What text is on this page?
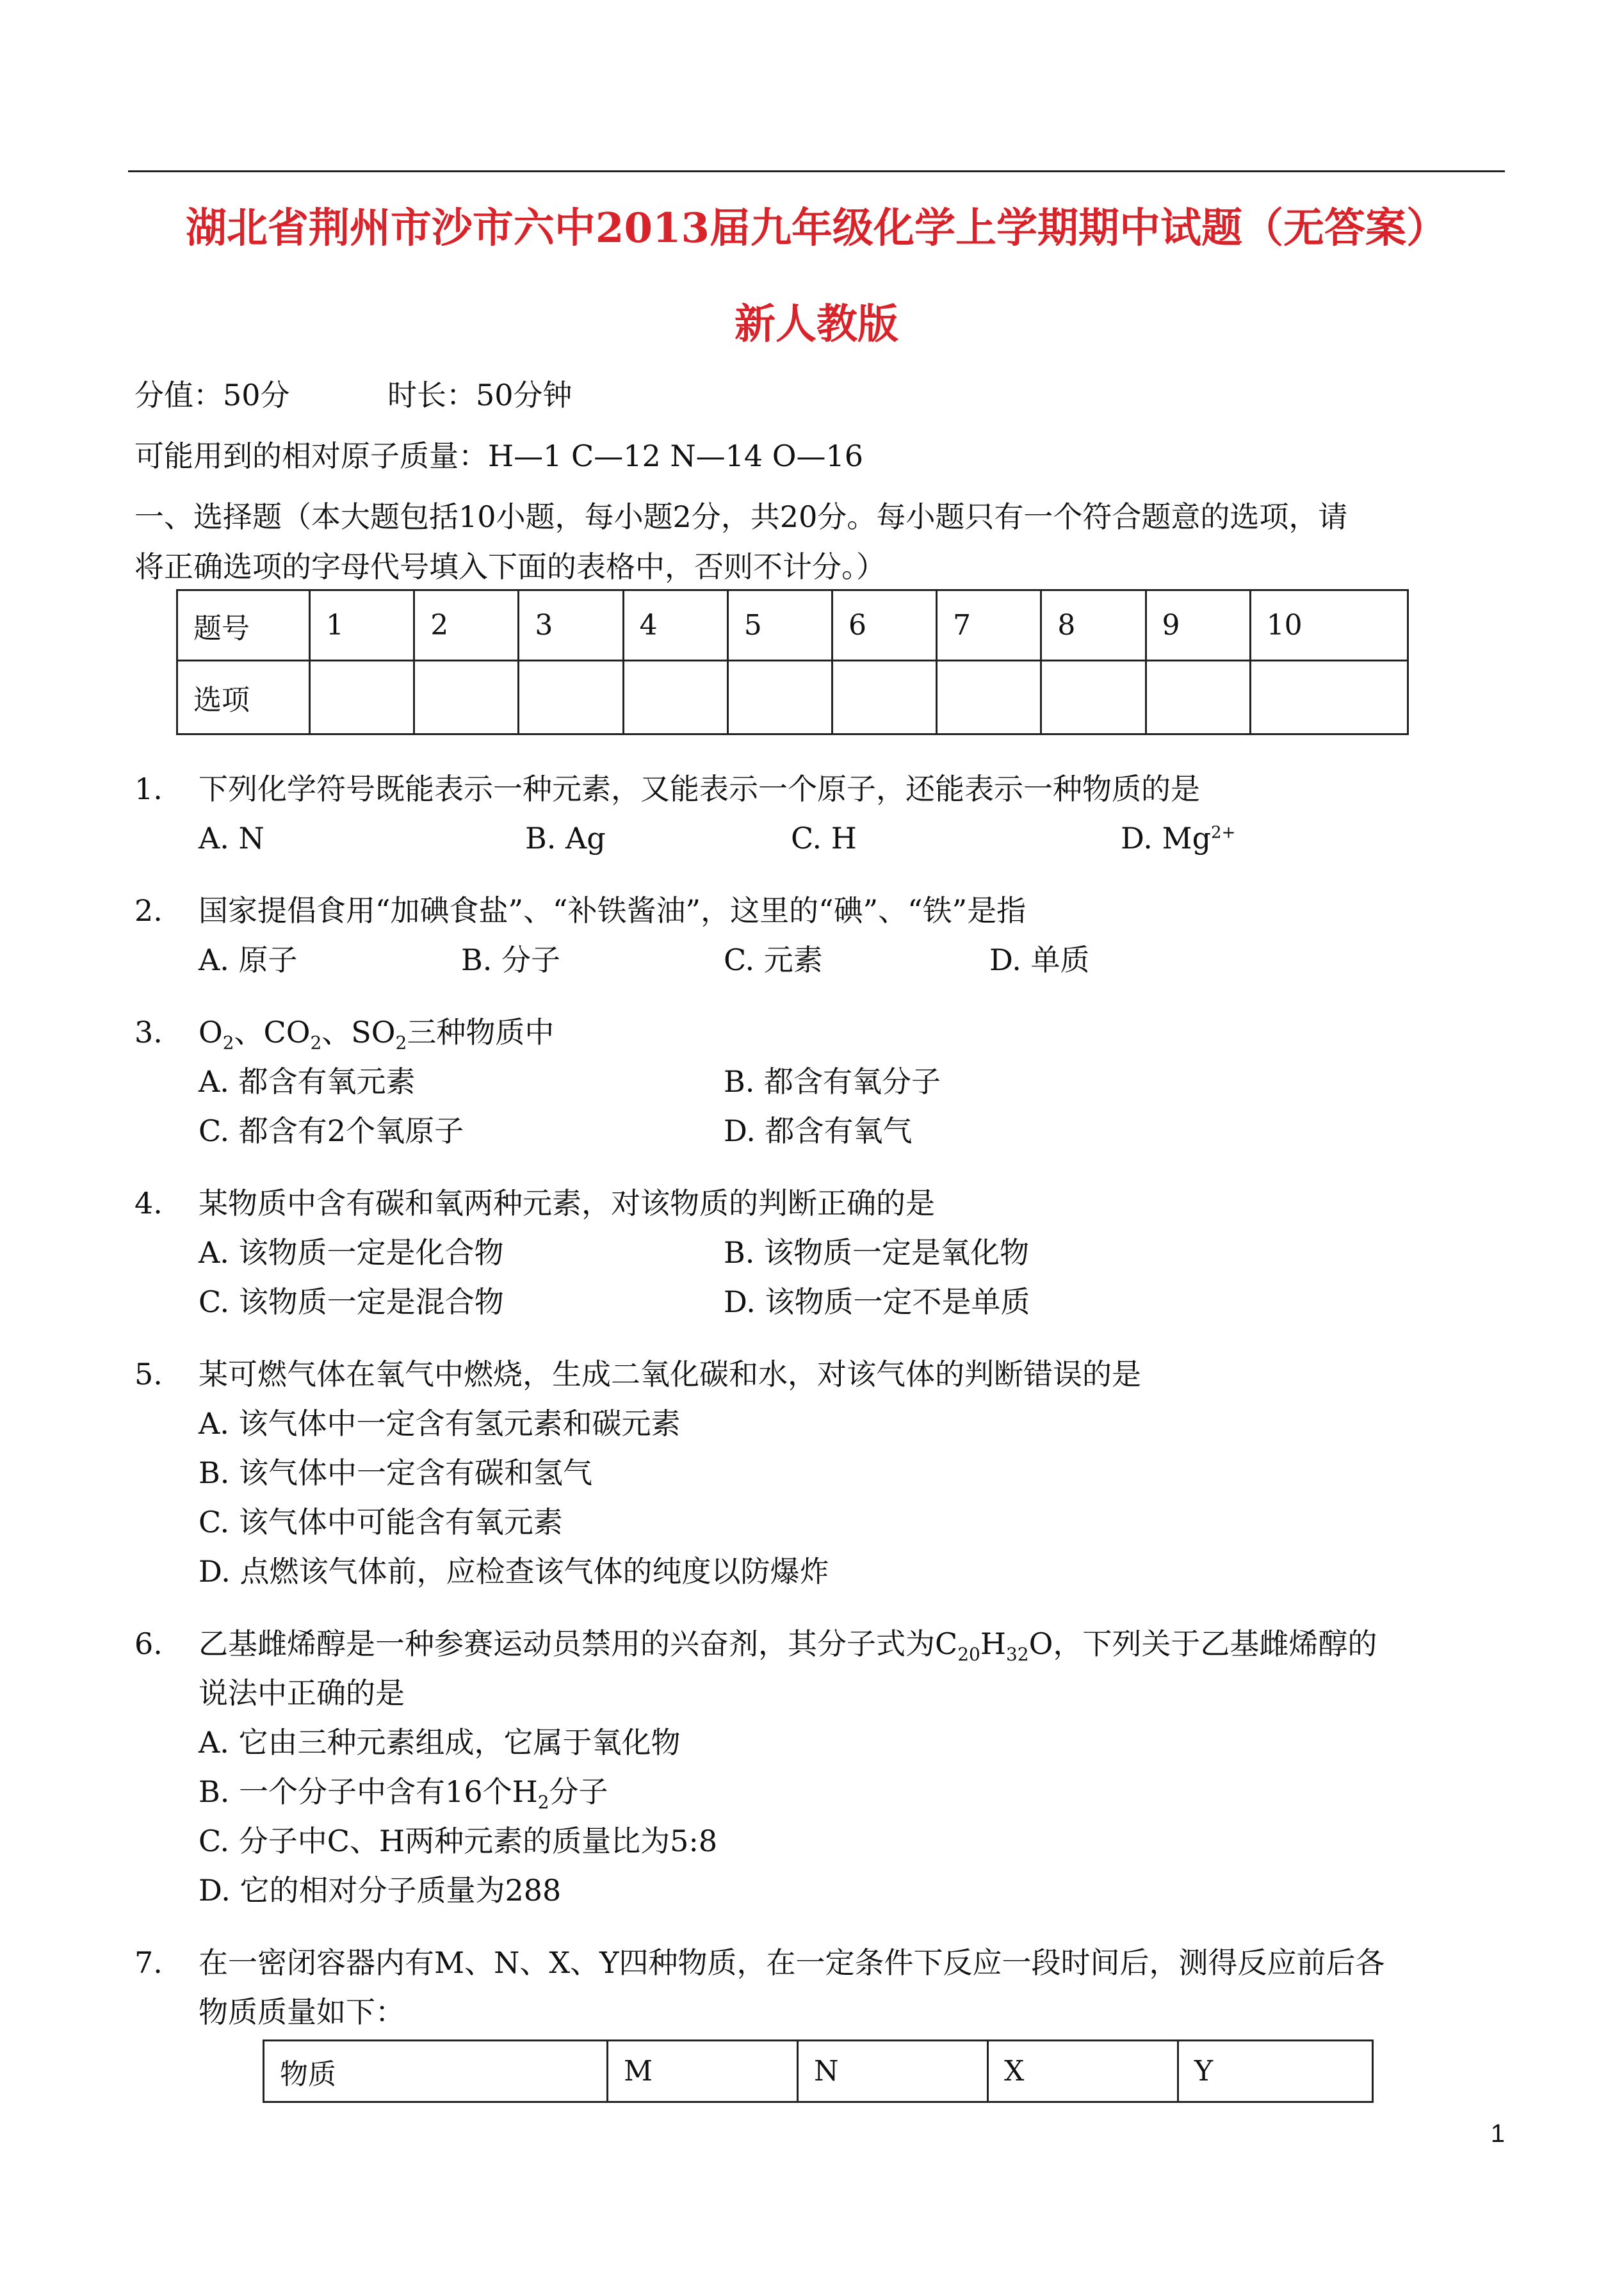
湖北省荆州市沙市六中2013届九年级化学上学期期中试题（无答案）
新人教版
分值：50分	时长：50分钟
可能用到的相对原子质量：H—1 C—12 N—14 O—16
一、选择题（本大题包括10小题，每小题2分，共20分。每小题只有一个符合题意的选项，请
将正确选项的字母代号填入下面的表格中，否则不计分。）
题号	1	2	3	4	5	6	7	8	9	10
选项										
1. 下列化学符号既能表示一种元素，又能表示一个原子，还能表示一种物质的是
A. N	B. Ag	C. H	D. $Mg^{2+}$
2. 国家提倡食用“加碘食盐”、“补铁酱油”，这里的“碘”、“铁”是指
A. 原子	B. 分子	C. 元素	D. 单质
3. $O_2$、$CO_2$、$SO_2$三种物质中
A. 都含有氧元素	B. 都含有氧分子
C. 都含有2个氧原子	D. 都含有氧气
4. 某物质中含有碳和氧两种元素，对该物质的判断正确的是
A. 该物质一定是化合物	B. 该物质一定是氧化物
C. 该物质一定是混合物	D. 该物质一定不是单质
5. 某可燃气体在氧气中燃烧，生成二氧化碳和水，对该气体的判断错误的是
A. 该气体中一定含有氢元素和碳元素
B. 该气体中一定含有碳和氢气
C. 该气体中可能含有氧元素
D. 点燃该气体前，应检查该气体的纯度以防爆炸
6. 乙基雌烯醇是一种参赛运动员禁用的兴奋剂，其分子式为$C_{20}H_{32}O$，下列关于乙基雌烯醇的
说法中正确的是
A. 它由三种元素组成，它属于氧化物
B. 一个分子中含有16个$H_2$分子
C. 分子中C、H两种元素的质量比为5:8
D. 它的相对分子质量为288
7. 在一密闭容器内有M、N、X、Y四种物质，在一定条件下反应一段时间后，测得反应前后各
物质质量如下：
物质	M	N	X	Y
1
